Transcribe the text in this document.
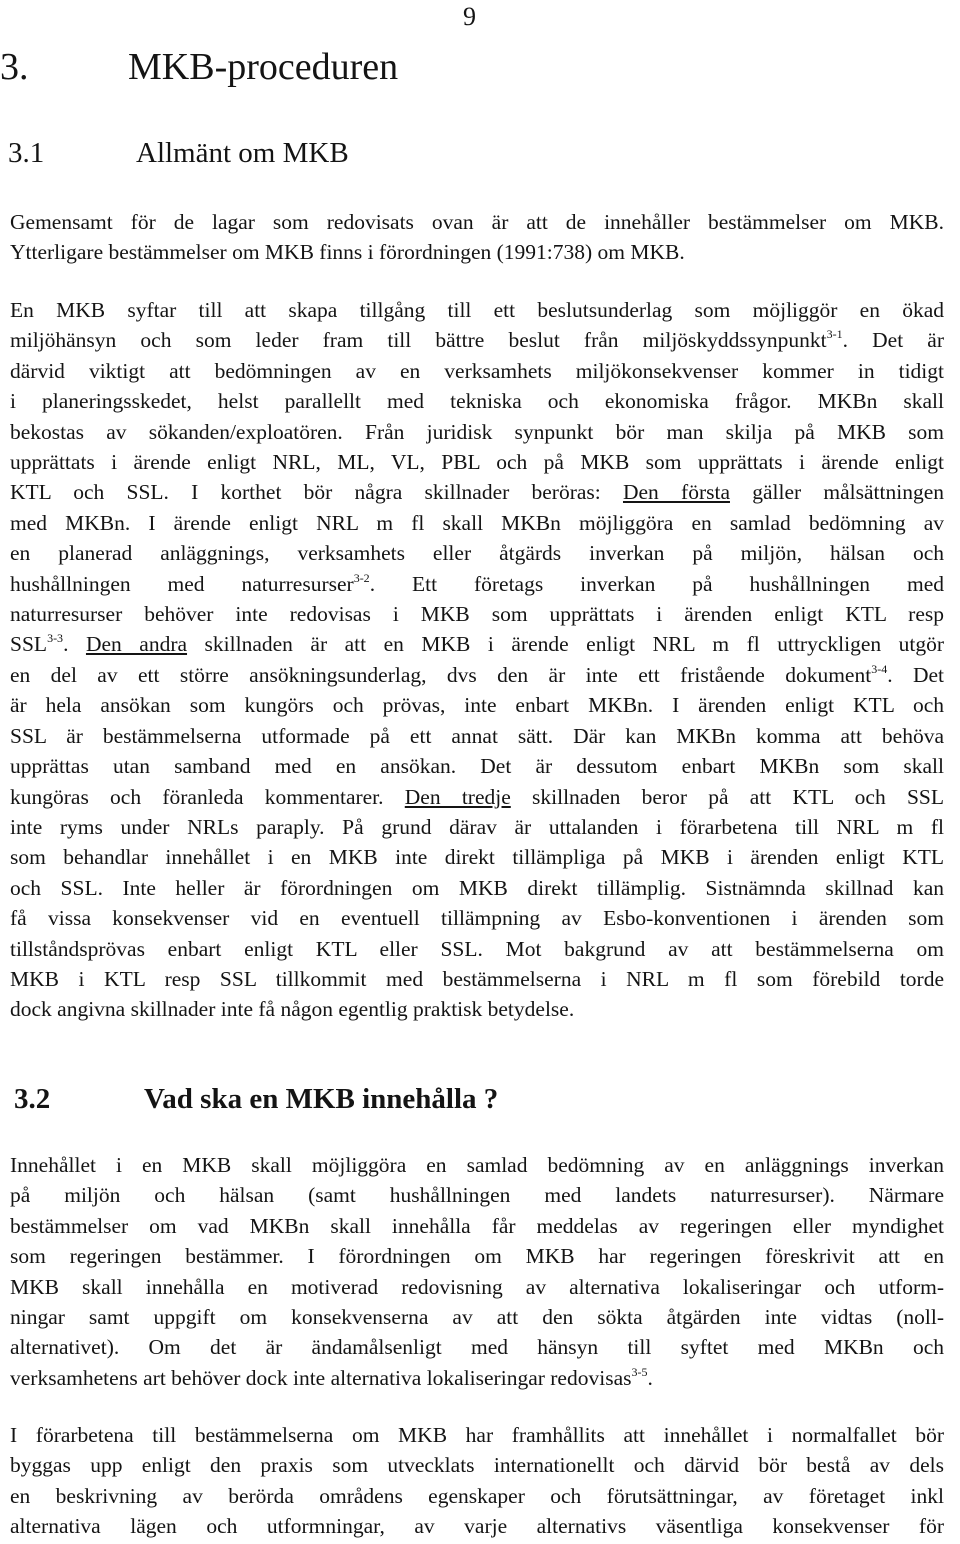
9
3.	MKB-proceduren
3.1	Allmänt om MKB
Gemensamt för de lagar som redovisats ovan är att de innehåller bestämmelser om MKB.
Ytterligare bestämmelser om MKB finns i förordningen (1991:738) om MKB.
En MKB syftar till att skapa tillgång till ett beslutsunderlag som möjliggör en ökad
miljöhänsyn och som leder fram till bättre beslut från miljöskyddssynpunkt$^{3-1}$. Det är
därvid viktigt att bedömningen av en verksamhets miljökonsekvenser kommer in tidigt
i planeringsskedet, helst parallellt med tekniska och ekonomiska frågor. MKBn skall
bekostas av sökanden/exploatören. Från juridisk synpunkt bör man skilja på MKB som
upprättats i ärende enligt NRL, ML, VL, PBL och på MKB som upprättats i ärende enligt
KTL och SSL. I korthet bör några skillnader beröras: Den första gäller målsättningen
med MKBn. I ärende enligt NRL m fl skall MKBn möjliggöra en samlad bedömning av
en planerad anläggnings, verksamhets eller åtgärds inverkan på miljön, hälsan och
hushållningen med naturresurser$^{3-2}$. Ett företags inverkan på hushållningen med
naturresurser behöver inte redovisas i MKB som upprättats i ärenden enligt KTL resp
SSL$^{3-3}$. Den andra skillnaden är att en MKB i ärende enligt NRL m fl uttryckligen utgör
en del av ett större ansökningsunderlag, dvs den är inte ett fristående dokument$^{3-4}$. Det
är hela ansökan som kungörs och prövas, inte enbart MKBn. I ärenden enligt KTL och
SSL är bestämmelserna utformade på ett annat sätt. Där kan MKBn komma att behöva
upprättas utan samband med en ansökan. Det är dessutom enbart MKBn som skall
kungöras och föranleda kommentarer. Den tredje skillnaden beror på att KTL och SSL
inte ryms under NRLs paraply. På grund därav är uttalanden i förarbetena till NRL m fl
som behandlar innehållet i en MKB inte direkt tillämpliga på MKB i ärenden enligt KTL
och SSL. Inte heller är förordningen om MKB direkt tillämplig. Sistnämnda skillnad kan
få vissa konsekvenser vid en eventuell tillämpning av Esbo-konventionen i ärenden som
tillståndsprövas enbart enligt KTL eller SSL. Mot bakgrund av att bestämmelserna om
MKB i KTL resp SSL tillkommit med bestämmelserna i NRL m fl som förebild torde
dock angivna skillnader inte få någon egentlig praktisk betydelse.
3.2	Vad ska en MKB innehålla ?
Innehållet i en MKB skall möjliggöra en samlad bedömning av en anläggnings inverkan
på miljön och hälsan (samt hushållningen med landets naturresurser). Närmare
bestämmelser om vad MKBn skall innehålla får meddelas av regeringen eller myndighet
som regeringen bestämmer. I förordningen om MKB har regeringen föreskrivit att en
MKB skall innehålla en motiverad redovisning av alternativa lokaliseringar och utform-
ningar samt uppgift om konsekvenserna av att den sökta åtgärden inte vidtas (noll-
alternativet). Om det är ändamålsenligt med hänsyn till syftet med MKBn och
verksamhetens art behöver dock inte alternativa lokaliseringar redovisas$^{3-5}$.
I förarbetena till bestämmelserna om MKB har framhållits att innehållet i normalfallet bör
byggas upp enligt den praxis som utvecklats internationellt och därvid bör bestå av dels
en beskrivning av berörda områdens egenskaper och förutsättningar, av företaget inkl
alternativa lägen och utformningar, av varje alternativs väsentliga konsekvenser för
